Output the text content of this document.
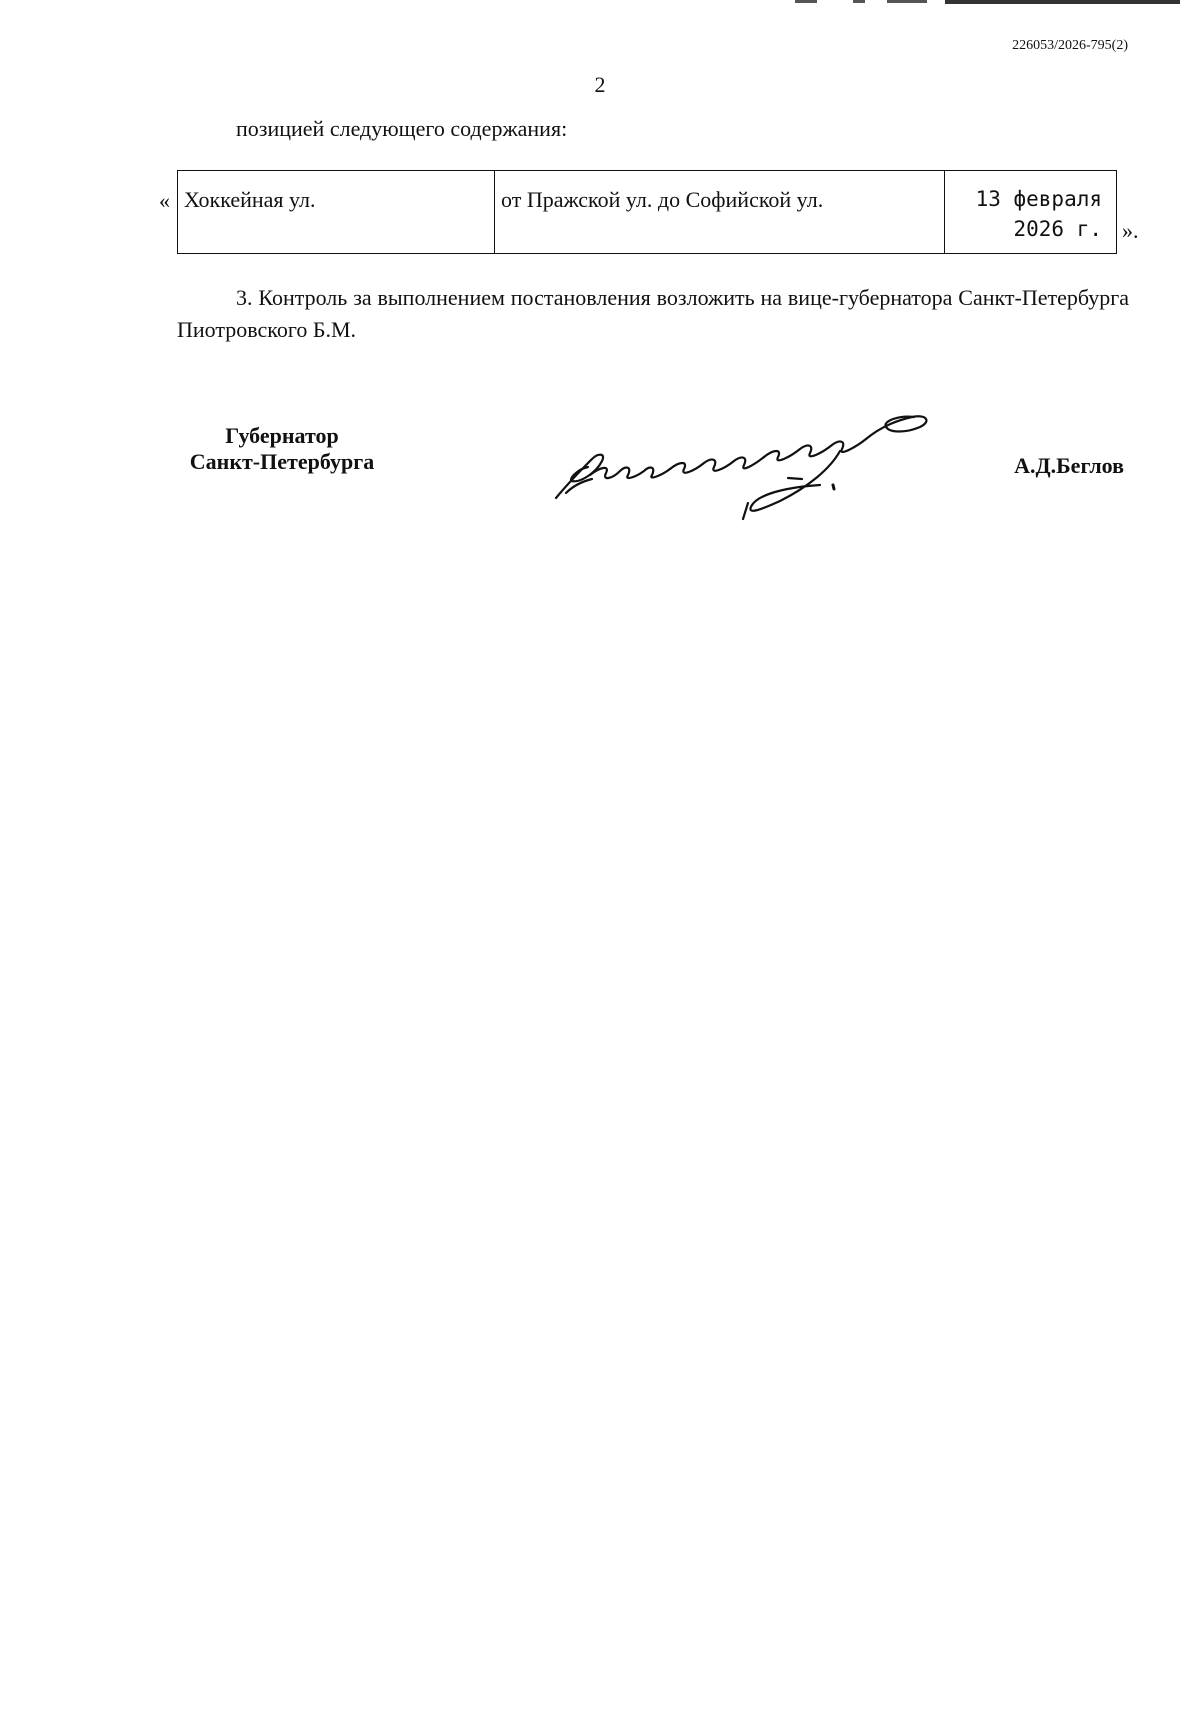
226053/2026-795(2)
2
позицией следующего содержания:
« Хоккейная ул.	от Пражской ул. до Софийской ул.	13 февраля
2026 г. ».

3. Контроль за выполнением постановления возложить на вице-губернатора Санкт-Петербурга Пиотровского Б.М.

Губернатор
Санкт-Петербурга	А.Д.Беглов
